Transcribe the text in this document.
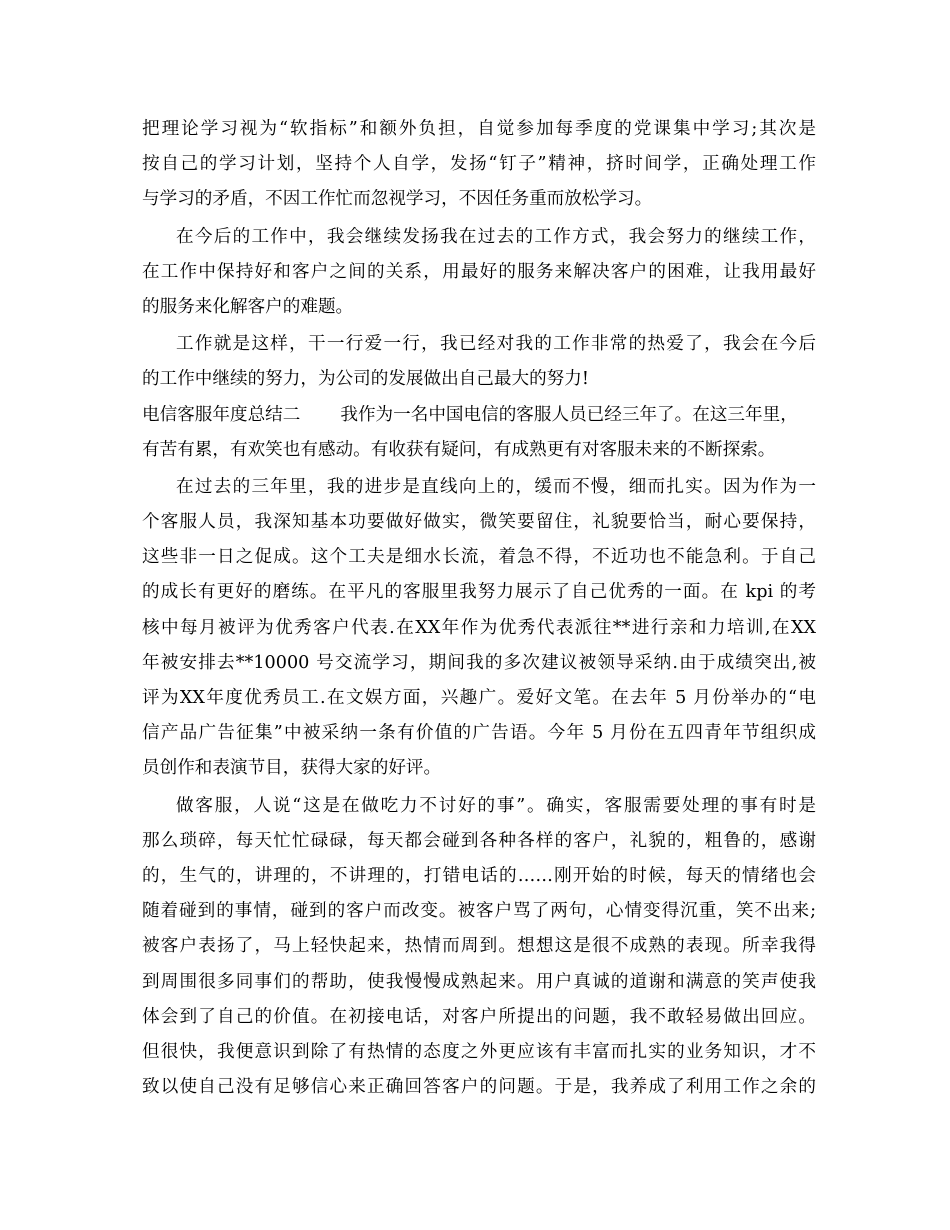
把理论学习视为“软指标”和额外负担，自觉参加每季度的党课集中学习;其次是
按自己的学习计划，坚持个人自学，发扬“钉子”精神，挤时间学，正确处理工作
与学习的矛盾，不因工作忙而忽视学习，不因任务重而放松学习。
在今后的工作中，我会继续发扬我在过去的工作方式，我会努力的继续工作，
在工作中保持好和客户之间的关系，用最好的服务来解决客户的困难，让我用最好
的服务来化解客户的难题。
工作就是这样，干一行爱一行，我已经对我的工作非常的热爱了，我会在今后
的工作中继续的努力，为公司的发展做出自己最大的努力!
电信客服年度总结二 我作为一名中国电信的客服人员已经三年了。在这三年里，
有苦有累，有欢笑也有感动。有收获有疑问，有成熟更有对客服未来的不断探索。
在过去的三年里，我的进步是直线向上的，缓而不慢，细而扎实。因为作为一
个客服人员，我深知基本功要做好做实，微笑要留住，礼貌要恰当，耐心要保持，
这些非一日之促成。这个工夫是细水长流，着急不得，不近功也不能急利。于自己
的成长有更好的磨练。在平凡的客服里我努力展示了自己优秀的一面。在 kpi 的考
核中每月被评为优秀客户代表.在XX年作为优秀代表派往**进行亲和力培训,在XX
年被安排去**10000 号交流学习，期间我的多次建议被领导采纳.由于成绩突出,被
评为XX年度优秀员工.在文娱方面，兴趣广。爱好文笔。在去年 5 月份举办的“电
信产品广告征集”中被采纳一条有价值的广告语。今年 5 月份在五四青年节组织成
员创作和表演节目，获得大家的好评。
做客服，人说“这是在做吃力不讨好的事”。确实，客服需要处理的事有时是
那么琐碎，每天忙忙碌碌，每天都会碰到各种各样的客户，礼貌的，粗鲁的，感谢
的，生气的，讲理的，不讲理的，打错电话的……刚开始的时候，每天的情绪也会
随着碰到的事情，碰到的客户而改变。被客户骂了两句，心情变得沉重，笑不出来;
被客户表扬了，马上轻快起来，热情而周到。想想这是很不成熟的表现。所幸我得
到周围很多同事们的帮助，使我慢慢成熟起来。用户真诚的道谢和满意的笑声使我
体会到了自己的价值。在初接电话，对客户所提出的问题，我不敢轻易做出回应。
但很快，我便意识到除了有热情的态度之外更应该有丰富而扎实的业务知识，才不
致以使自己没有足够信心来正确回答客户的问题。于是，我养成了利用工作之余的
